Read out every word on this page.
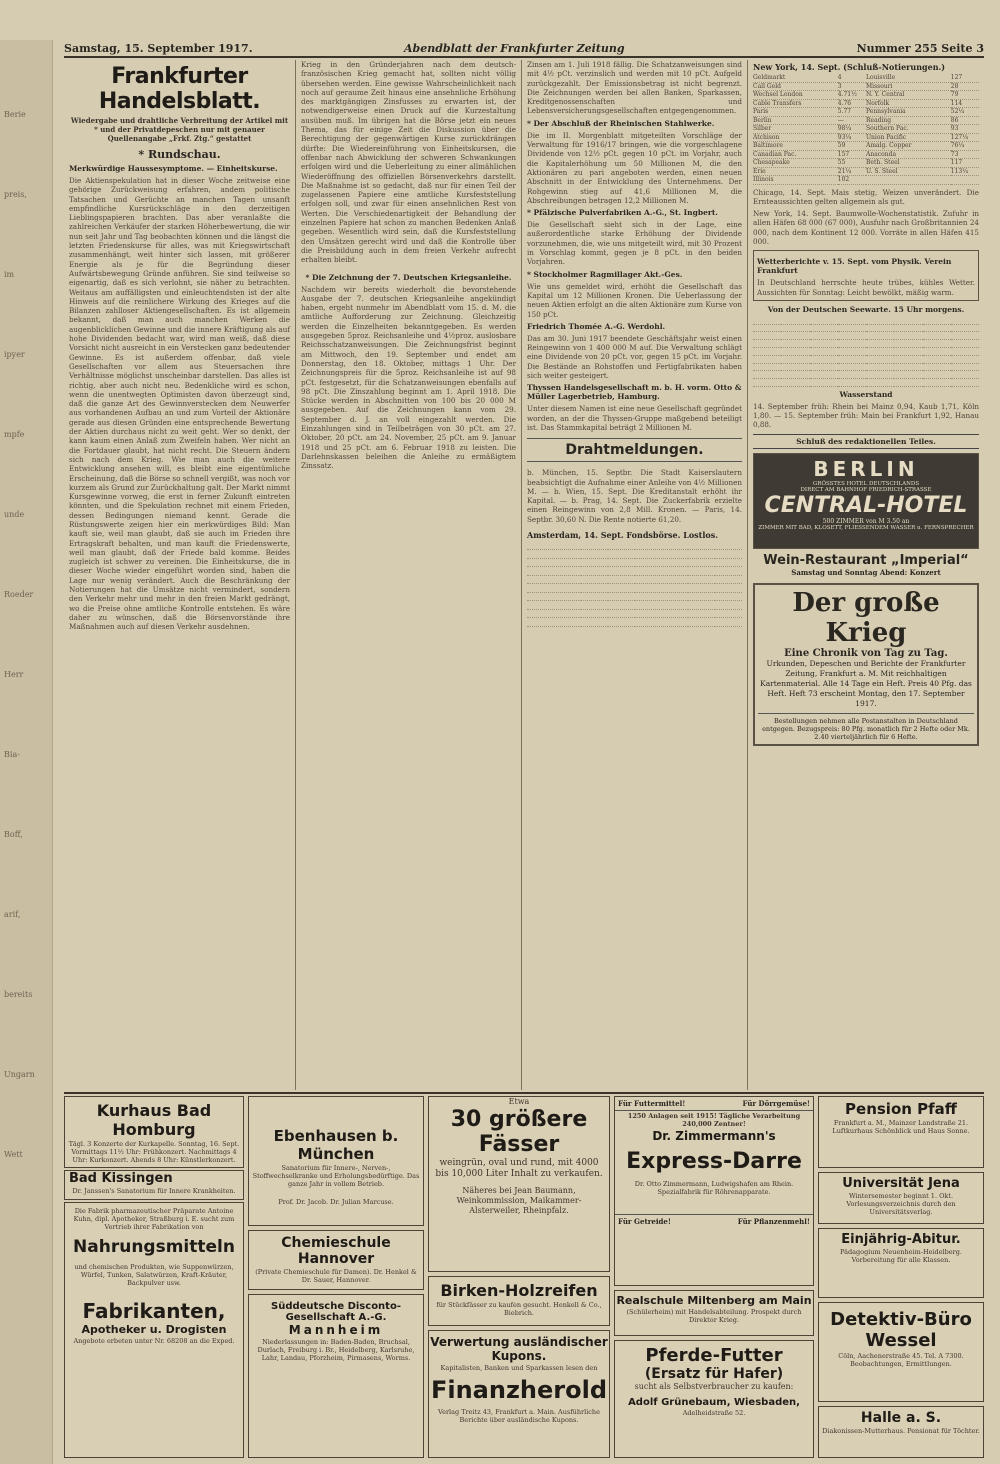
Berie
preis,
im
ipyer
mpfe
unde
Roeder
Herr
Bia-
Boff,
arif,
bereits
Ungarn
Wett
Samstag, 15. September 1917.	Abendblatt der Frankfurter Zeitung	Nummer 255 Seite 3
Frankfurter Handelsblatt.
Wiedergabe und drahtliche Verbreitung der Artikel mit * und der Privatdepeschen nur mit genauer Quellenangabe „Frkf. Ztg.“ gestattet
* Rundschau.
Merkwürdige Haussesymptome. — Einheitskurse.
Die Aktienspekulation hat in dieser Woche zeitweise eine gehörige Zurückweisung erfahren, andem politische Tatsachen und Gerüchte an manchen Tagen unsanft empfindliche Kursrückschläge in den derzeitigen Lieblingspapieren brachten. Das aber veranlaßte die zahlreichen Verkäufer der starken Höherbewertung, die wir nun seit Jahr und Tag beobachten können und die längst die letzten Friedenskurse für alles, was mit Kriegswirtschaft zusammenhängt, weit hinter sich lassen, mit größerer Energie als je für die Begründung dieser Aufwärtsbewegung Gründe anführen. Sie sind teilweise so eigenartig, daß es sich verlohnt, sie näher zu betrachten. Weitaus am auffälligsten und einleuchtendsten ist der alte Hinweis auf die reinlichere Wirkung des Krieges auf die Bilanzen zahlloser Aktiengesellschaften. Es ist allgemein bekannt, daß man auch manchen Werken die augenblicklichen Gewinne und die innere Kräftigung als auf hohe Dividenden bedacht war, wird man weiß, daß diese Vorsicht nicht ausreicht in ein Verstecken ganz bedeutender Gewinne. Es ist außerdem offenbar, daß viele Gesellschaften vor allem aus Steuersachen ihre Verhältnisse möglichst unscheinbar darstellen. Das alles ist richtig, aber auch nicht neu. Bedenkliche wird es schon, wenn die unentwegten Optimisten davon überzeugt sind, daß die ganze Art des Gewinnverstecken dem Neuwerfer aus vorhandenen Aufbau an und zum Vorteil der Aktionäre gerade aus diesen Gründen eine entsprechende Bewertung der Aktien durchaus nicht zu weit geht. Wer so denkt, der kann kaum einen Anlaß zum Zweifeln haben. Wer nicht an die Fortdauer glaubt, hat nicht recht. Die Steuern ändern sich nach dem Krieg. Wie man auch die weitere Entwicklung ansehen will, es bleibt eine eigentümliche Erscheinung, daß die Börse so schnell vergißt, was noch vor kurzem als Grund zur Zurückhaltung galt. Der Markt nimmt Kursgewinne vorweg, die erst in ferner Zukunft eintreten könnten, und die Spekulation rechnet mit einem Frieden, dessen Bedingungen niemand kennt. Gerade die Rüstungswerte zeigen hier ein merkwürdiges Bild: Man kauft sie, weil man glaubt, daß sie auch im Frieden ihre Ertragskraft behalten, und man kauft die Friedenswerte, weil man glaubt, daß der Friede bald komme. Beides zugleich ist schwer zu vereinen. Die Einheitskurse, die in dieser Woche wieder eingeführt worden sind, haben die Lage nur wenig verändert. Auch die Beschränkung der Notierungen hat die Umsätze nicht vermindert, sondern den Verkehr mehr und mehr in den freien Markt gedrängt, wo die Preise ohne amtliche Kontrolle entstehen. Es wäre daher zu wünschen, daß die Börsenvorstände ihre Maßnahmen auch auf diesen Verkehr ausdehnen.
Krieg in den Gründerjahren nach dem deutsch-französischen Krieg gemacht hat, sollten nicht völlig übersehen werden. Eine gewisse Wahrscheinlichkeit nach noch auf geraume Zeit hinaus eine ansehnliche Erhöhung des marktgängigen Zinsfusses zu erwarten ist, der notwendigerweise einen Druck auf die Kurzestaltung ausüben muß. Im übrigen hat die Börse jetzt ein neues Thema, das für einige Zeit die Diskussion über die Berechtigung der gegenwärtigen Kurse zurückdrängen dürfte: Die Wiedereinführung von Einheitskursen, die offenbar nach Abwicklung der schweren Schwankungen erfolgen wird und die Ueberleitung zu einer allmählichen Wiederöffnung des offiziellen Börsenverkehrs darstellt. Die Maßnahme ist so gedacht, daß nur für einen Teil der zugelassenen Papiere eine amtliche Kursfeststellung erfolgen soll, und zwar für einen ansehnlichen Rest von Werten. Die Verschiedenartigkeit der Behandlung der einzelnen Papiere hat schon zu manchen Bedenken Anlaß gegeben. Wesentlich wird sein, daß die Kursfeststellung den Umsätzen gerecht wird und daß die Kontrolle über die Preisbildung auch in dem freien Verkehr aufrecht erhalten bleibt.
* Die Zeichnung der 7. Deutschen Kriegsanleihe.
Nachdem wir bereits wiederholt die bevorstehende Ausgabe der 7. deutschen Kriegsanleihe angekündigt haben, ergeht nunmehr im Abendblatt vom 15. d. M. die amtliche Aufforderung zur Zeichnung. Gleichzeitig werden die Einzelheiten bekanntgegeben. Es werden ausgegeben 5proz. Reichsanleihe und 4½proz. auslosbare Reichsschatzanweisungen. Die Zeichnungsfrist beginnt am Mittwoch, den 19. September und endet am Donnerstag, den 18. Oktober, mittags 1 Uhr. Der Zeichnungspreis für die 5proz. Reichsanleihe ist auf 98 pCt. festgesetzt, für die Schatzanweisungen ebenfalls auf 98 pCt. Die Zinszahlung beginnt am 1. April 1918. Die Stücke werden in Abschnitten von 100 bis 20 000 M ausgegeben. Auf die Zeichnungen kann vom 29. September d. J. an voll eingezahlt werden. Die Einzahlungen sind in Teilbeträgen von 30 pCt. am 27. Oktober, 20 pCt. am 24. November, 25 pCt. am 9. Januar 1918 und 25 pCt. am 6. Februar 1918 zu leisten. Die Darlehnskassen beleihen die Anleihe zu ermäßigtem Zinssatz.
Zinsen am 1. Juli 1918 fällig. Die Schatzanweisungen sind mit 4½ pCt. verzinslich und werden mit 10 pCt. Aufgeld zurückgezahlt. Der Emissionsbetrag ist nicht begrenzt. Die Zeichnungen werden bei allen Banken, Sparkassen, Kreditgenossenschaften und Lebensversicherungsgesellschaften entgegengenommen.
* Der Abschluß der Rheinischen Stahlwerke.
Die im II. Morgenblatt mitgeteilten Vorschläge der Verwaltung für 1916/17 bringen, wie die vorgeschlagene Dividende von 12½ pCt. gegen 10 pCt. im Vorjahr, auch die Kapitalerhöhung um 50 Millionen M, die den Aktionären zu pari angeboten werden, einen neuen Abschnitt in der Entwicklung des Unternehmens. Der Rohgewinn stieg auf 41,6 Millionen M, die Abschreibungen betragen 12,2 Millionen M.
* Pfälzische Pulverfabriken A.-G., St. Ingbert.
Die Gesellschaft sieht sich in der Lage, eine außerordentliche starke Erhöhung der Dividende vorzunehmen, die, wie uns mitgeteilt wird, mit 30 Prozent in Vorschlag kommt, gegen je 8 pCt. in den beiden Vorjahren.
* Stockholmer Ragmillager Akt.-Ges.
Wie uns gemeldet wird, erhöht die Gesellschaft das Kapital um 12 Millionen Kronen. Die Ueberlassung der neuen Aktien erfolgt an die alten Aktionäre zum Kurse von 150 pCt.
Friedrich Thomée A.-G. Werdohl.
Das am 30. Juni 1917 beendete Geschäftsjahr weist einen Reingewinn von 1 400 000 M auf. Die Verwaltung schlägt eine Dividende von 20 pCt. vor, gegen 15 pCt. im Vorjahr. Die Bestände an Rohstoffen und Fertigfabrikaten haben sich weiter gesteigert.
Thyssen Handelsgesellschaft m. b. H. vorm. Otto & Müller Lagerbetrieb, Hamburg.
Unter diesem Namen ist eine neue Gesellschaft gegründet worden, an der die Thyssen-Gruppe maßgebend beteiligt ist. Das Stammkapital beträgt 2 Millionen M.
Drahtmeldungen.
b. München, 15. Septbr. Die Stadt Kaiserslautern beabsichtigt die Aufnahme einer Anleihe von 4½ Millionen M. — b. Wien, 15. Sept. Die Kreditanstalt erhöht ihr Kapital. — b. Prag, 14. Sept. Die Zuckerfabrik erzielte einen Reingewinn von 2,8 Mill. Kronen. — Paris, 14. Septbr. 30,60 N. Die Rente notierte 61,20.
Amsterdam, 14. Sept. Fondsbörse. Lostlos.

New York, 14. Sept. (Schluß-Notierungen.)
Geldmarkt	4	Louisville	127
Call Geld	3	Missouri	28
Wechsel London	4.71½	N. Y. Central	79
Cable Transfers	4.76	Norfolk	114
Paris	5.77	Pennsylvania	52¼
Berlin	—	Reading	86
Silber	98¼	Southern Pac.	93
Atchison	93¼	Union Pacific	127¼
Baltimore	59	Amalg. Copper	76¼
Canadian Pac.	157	Anaconda	73
Chesapeake	55	Beth. Steel	117
Erie	21¼	U. S. Steel	113¼
Illinois	102
Chicago, 14. Sept. Mais stetig, Weizen unverändert. Die Ernteaussichten gelten allgemein als gut.
New York, 14. Sept. Baumwolle-Wochenstatistik. Zufuhr in allen Häfen 68 000 (67 000), Ausfuhr nach Großbritannien 24 000, nach dem Kontinent 12 000. Vorräte in allen Häfen 415 000.
Wetterberichte v. 15. Sept. vom Physik. Verein Frankfurt
In Deutschland herrschte heute trübes, kühles Wetter. Aussichten für Sonntag: Leicht bewölkt, mäßig warm.
Von der Deutschen Seewarte. 15 Uhr morgens.

Wasserstand
14. September früh: Rhein bei Mainz 0,94, Kaub 1,71, Köln 1,80. — 15. September früh: Main bei Frankfurt 1,92, Hanau 0,88.
Schluß des redaktionellen Teiles.
BERLIN
GRÖSSTES HOTEL DEUTSCHLANDS
DIRECT AM BAHNHOF FRIEDRICH-STRASSE
CENTRAL-HOTEL
500 ZIMMER von M 3.50 an
ZIMMER MIT BAD, KLOSETT, FLIESSENDEM WASSER u. FERNSPRECHER
Wein-Restaurant „Imperial“
Samstag und Sonntag Abend: Konzert
Der große Krieg
Eine Chronik von Tag zu Tag.
Urkunden, Depeschen und Berichte der Frankfurter Zeitung, Frankfurt a. M. Mit reichhaltigen Kartenmaterial. Alle 14 Tage ein Heft. Preis 40 Pfg. das Heft. Heft 73 erscheint Montag, den 17. September 1917.
Bestellungen nehmen alle Postanstalten in Deutschland entgegen. Bezugspreis: 80 Pfg. monatlich für 2 Hefte oder Mk. 2.40 vierteljährlich für 6 Hefte.
Kurhaus Bad Homburg
Tägl. 3 Konzerte der Kurkapelle. Sonntag, 16. Sept. Vormittags 11½ Uhr: Frühkonzert. Nachmittags 4 Uhr: Kurkonzert. Abends 8 Uhr: Künstlerkonzert.
Bad Kissingen
Dr. Janssen's Sanatorium für Innere Krankheiten.
Die Fabrik pharmazeutischer Präparate Antoine Kuhn, dipl. Apotheker, Straßburg i. E. sucht zum Vertrieb ihrer Fabrikation von
Nahrungsmitteln
und chemischen Produkten, wie Suppenwürzen, Würfel, Tunken, Salatwürzen, Kraft-Kräuter, Backpulver usw.
Fabrikanten,
Apotheker u. Drogisten
Angebote erbeten unter Nr. 68208 an die Exped.
Ebenhausen b. München
Sanatorium für Innere-, Nerven-, Stoffwechselkranke und Erholungsbedürftige. Das ganze Jahr in vollem Betrieb.
Prof. Dr. Jacob. Dr. Julian Marcuse.
Chemieschule Hannover
(Private Chemieschule für Damen). Dr. Henkel & Dr. Sauer, Hannover.
Süddeutsche Disconto-Gesellschaft A.-G.
Mannheim
Niederlassungen in: Baden-Baden, Bruchsal, Durlach, Freiburg i. Br., Heidelberg, Karlsruhe, Lahr, Landau, Pforzheim, Pirmasens, Worms.
Etwa
30 größere Fässer
weingrün, oval und rund, mit 4000 bis 10,000 Liter Inhalt zu verkaufen.
Näheres bei Jean Baumann, Weinkommission, Maikammer-Alsterweiler, Rheinpfalz.
Birken-Holzreifen
für Stückfässer zu kaufen gesucht. Henkell & Co., Biebrich.
Verwertung ausländischer Kupons.
Kapitalisten, Banken und Sparkassen lesen den
Finanzherold
Verlag Treitz 43, Frankfurt a. Main. Ausführliche Berichte über ausländische Kupons.
Für Futtermittel!	Für Dörrgemüse!
1250 Anlagen seit 1915! Tägliche Verarbeitung 240,000 Zentner!
Dr. Zimmermann's
Express-Darre
Dr. Otto Zimmermann, Ludwigshafen am Rhein. Spezialfabrik für Röhrenapparate.
Für Getreide!	Für Pflanzenmehl!
Realschule Miltenberg am Main
(Schülerheim) mit Handelsabteilung. Prospekt durch Direktor Krieg.
Pferde-Futter
(Ersatz für Hafer)
sucht als Selbstverbraucher zu kaufen:
Adolf Grünebaum, Wiesbaden,
Adelheidstraße 52.
Pension Pfaff
Frankfurt a. M., Mainzer Landstraße 21. Luftkurhaus Schönblick und Haus Sonne.
Universität Jena
Wintersemester beginnt 1. Okt. Vorlesungsverzeichnis durch den Universitätsverlag.
Einjährig-Abitur.
Pädagogium Neuenheim-Heidelberg. Vorbereitung für alle Klassen.
Detektiv-Büro Wessel
Cöln, Aachenerstraße 45. Tel. A 7300. Beobachtungen, Ermittlungen.
Halle a. S.
Diakonissen-Mutterhaus. Pensionat für Töchter.
